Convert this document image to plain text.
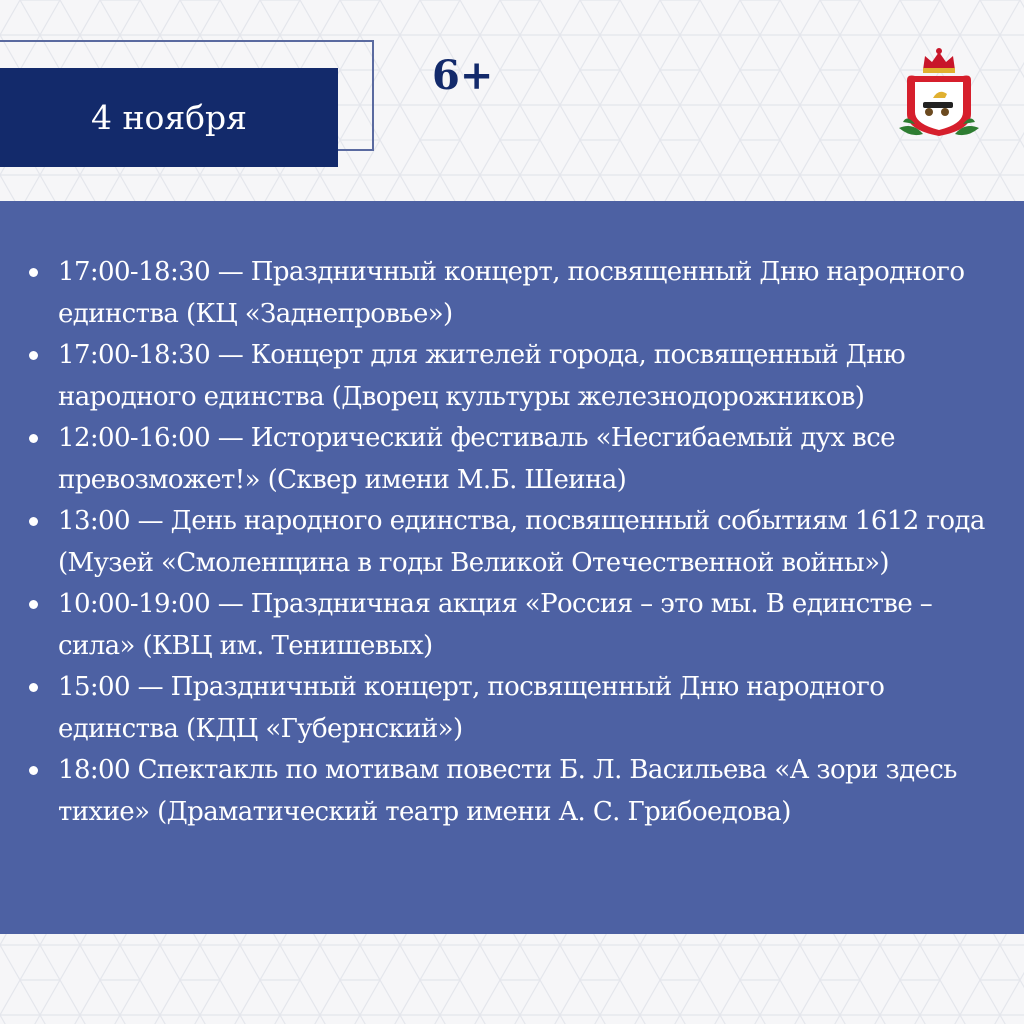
4 ноября
6+
17:00-18:30 — Праздничный концерт, посвященный Дню народного единства (КЦ «Заднепровье»)
17:00-18:30 — Концерт для жителей города, посвященный Дню народного единства (Дворец культуры железнодорожников)
12:00-16:00 — Исторический фестиваль «Несгибаемый дух все превозможет!» (Сквер имени М.Б. Шеина)
13:00 — День народного единства, посвященный событиям 1612 года (Музей «Смоленщина в годы Великой Отечественной войны»)
10:00-19:00 — Праздничная акция «Россия – это мы. В единстве – сила» (КВЦ им. Тенишевых)
15:00 — Праздничный концерт, посвященный Дню народного единства (КДЦ «Губернский»)
18:00 Спектакль по мотивам повести Б. Л. Васильева «А зори здесь тихие» (Драматический театр имени А. С. Грибоедова)
